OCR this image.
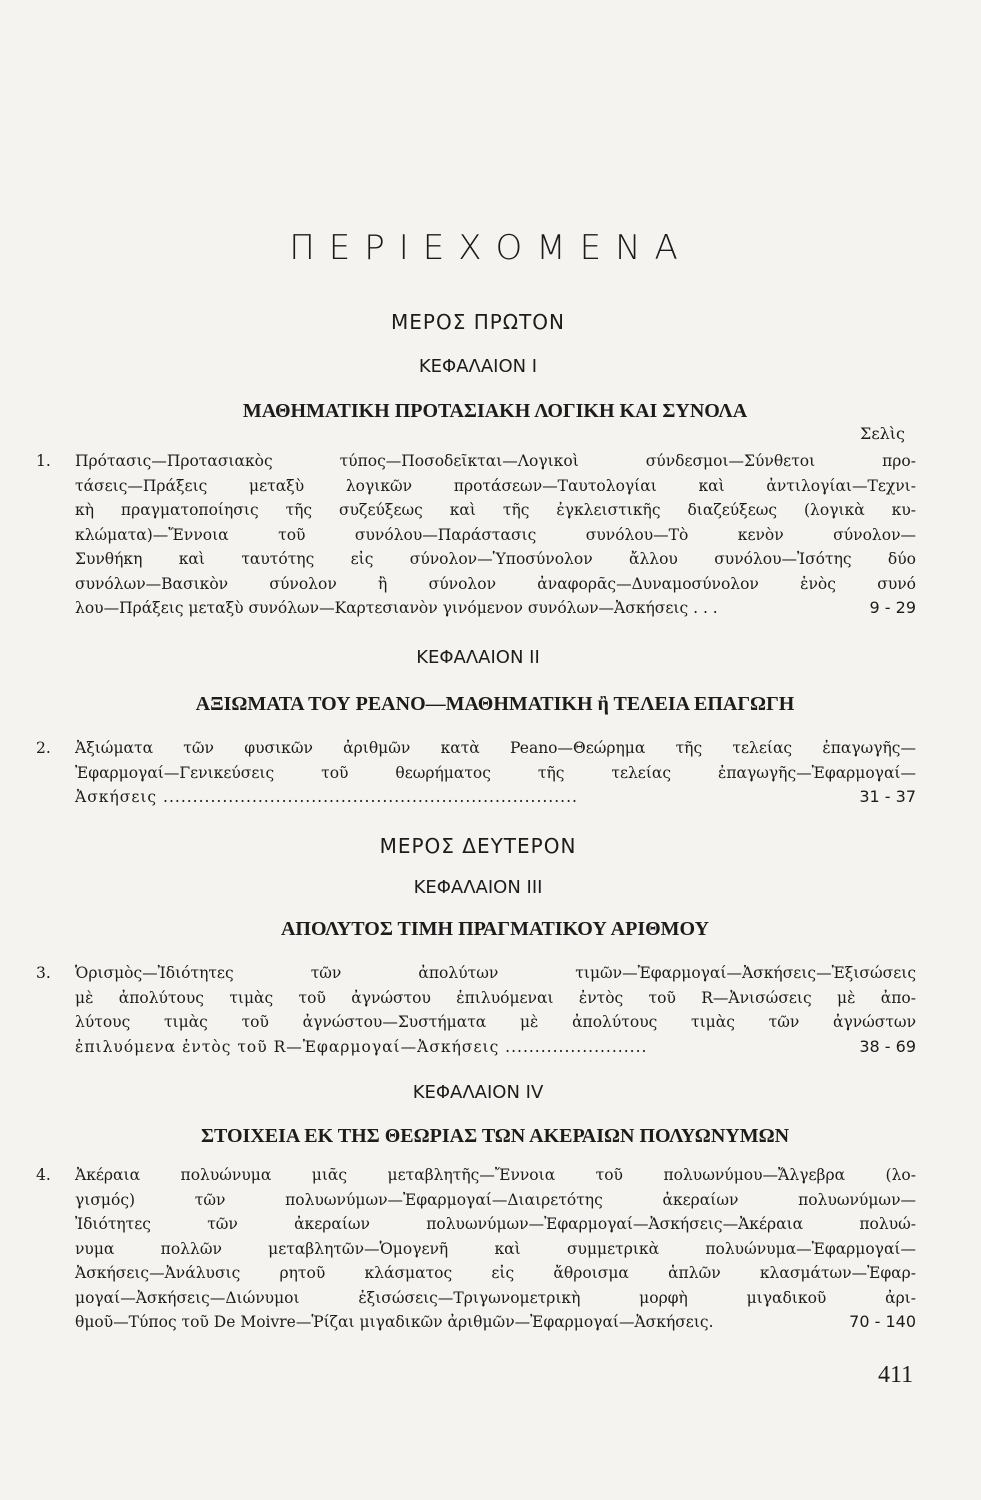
ΠΕΡΙΕΧΟΜΕΝΑ
ΜΕΡΟΣ ΠΡΩΤΟΝ
ΚΕΦΑΛΑΙΟΝ I
ΜΑΘΗΜΑΤΙΚΗ ΠΡΟΤΑΣΙΑΚΗ ΛΟΓΙΚΗ ΚΑΙ ΣΥΝΟΛΑ
Σελὶς
1. Πρότασις—Προτασιακὸς τύπος—Ποσοδεῖκται—Λογικοὶ σύνδεσμοι—Σύνθετοι προ-
τάσεις—Πράξεις μεταξὺ λογικῶν προτάσεων—Ταυτολογίαι καὶ ἀντιλογίαι—Τεχνι-
κὴ πραγματοποίησις τῆς συζεύξεως καὶ τῆς ἐγκλειστικῆς διαζεύξεως (λογικὰ κυ-
κλώματα)—Ἔννοια τοῦ συνόλου—Παράστασις συνόλου—Τὸ κενὸν σύνολον—
Συνθήκη καὶ ταυτότης εἰς σύνολον—Ὑποσύνολον ἄλλου συνόλου—Ἰσότης δύο
συνόλων—Βασικὸν σύνολον ἢ σύνολον ἀναφορᾶς—Δυναμοσύνολον ἑνὸς συνό
λου—Πράξεις μεταξὺ συνόλων—Καρτεσιανὸν γινόμενον συνόλων—Ἀσκήσεις . . .	9 - 29
ΚΕΦΑΛΑΙΟΝ II
ΑΞΙΩΜΑΤΑ ΤΟΥ PEANO—ΜΑΘΗΜΑΤΙΚΗ ἢ ΤΕΛΕΙΑ ΕΠΑΓΩΓΗ
2. Ἀξιώματα τῶν φυσικῶν ἀριθμῶν κατὰ Peano—Θεώρημα τῆς τελείας ἐπαγωγῆς—
Ἐφαρμογαί—Γενικεύσεις τοῦ θεωρήματος τῆς τελείας ἐπαγωγῆς—Ἐφαρμογαί—
Ἀσκήσεις ......................................................................	31 - 37
ΜΕΡΟΣ ΔΕΥΤΕΡΟΝ
ΚΕΦΑΛΑΙΟΝ III
ΑΠΟΛΥΤΟΣ ΤΙΜΗ ΠΡΑΓΜΑΤΙΚΟΥ ΑΡΙΘΜΟΥ
3. Ὁρισμὸς—Ἰδιότητες τῶν ἀπολύτων τιμῶν—Ἐφαρμογαί—Ἀσκήσεις—Ἐξισώσεις
μὲ ἀπολύτους τιμὰς τοῦ ἀγνώστου ἐπιλυόμεναι ἐντὸς τοῦ R—Ἀνισώσεις μὲ ἀπο-
λύτους τιμὰς τοῦ ἀγνώστου—Συστήματα μὲ ἀπολύτους τιμὰς τῶν ἀγνώστων
ἐπιλυόμενα ἐντὸς τοῦ R—Ἐφαρμογαί—Ἀσκήσεις ........................	38 - 69
ΚΕΦΑΛΑΙΟΝ IV
ΣΤΟΙΧΕΙΑ ΕΚ ΤΗΣ ΘΕΩΡΙΑΣ ΤΩΝ ΑΚΕΡΑΙΩΝ ΠΟΛΥΩΝΥΜΩΝ
4. Ἀκέραια πολυώνυμα μιᾶς μεταβλητῆς—Ἔννοια τοῦ πολυωνύμου—Ἄλγεβρα (λο-
γισμός) τῶν πολυωνύμων—Ἐφαρμογαί—Διαιρετότης ἀκεραίων πολυωνύμων—
Ἰδιότητες τῶν ἀκεραίων πολυωνύμων—Ἐφαρμογαί—Ἀσκήσεις—Ἀκέραια πολυώ-
νυμα πολλῶν μεταβλητῶν—Ὁμογενῆ καὶ συμμετρικὰ πολυώνυμα—Ἐφαρμογαί—
Ἀσκήσεις—Ἀνάλυσις ρητοῦ κλάσματος εἰς ἄθροισμα ἁπλῶν κλασμάτων—Ἐφαρ-
μογαί—Ἀσκήσεις—Διώνυμοι ἐξισώσεις—Τριγωνομετρικὴ μορφὴ μιγαδικοῦ ἀρι-
θμοῦ—Τύπος τοῦ De Moivre—Ῥίζαι μιγαδικῶν ἀριθμῶν—Ἐφαρμογαί—Ἀσκήσεις.	70 - 140
411
